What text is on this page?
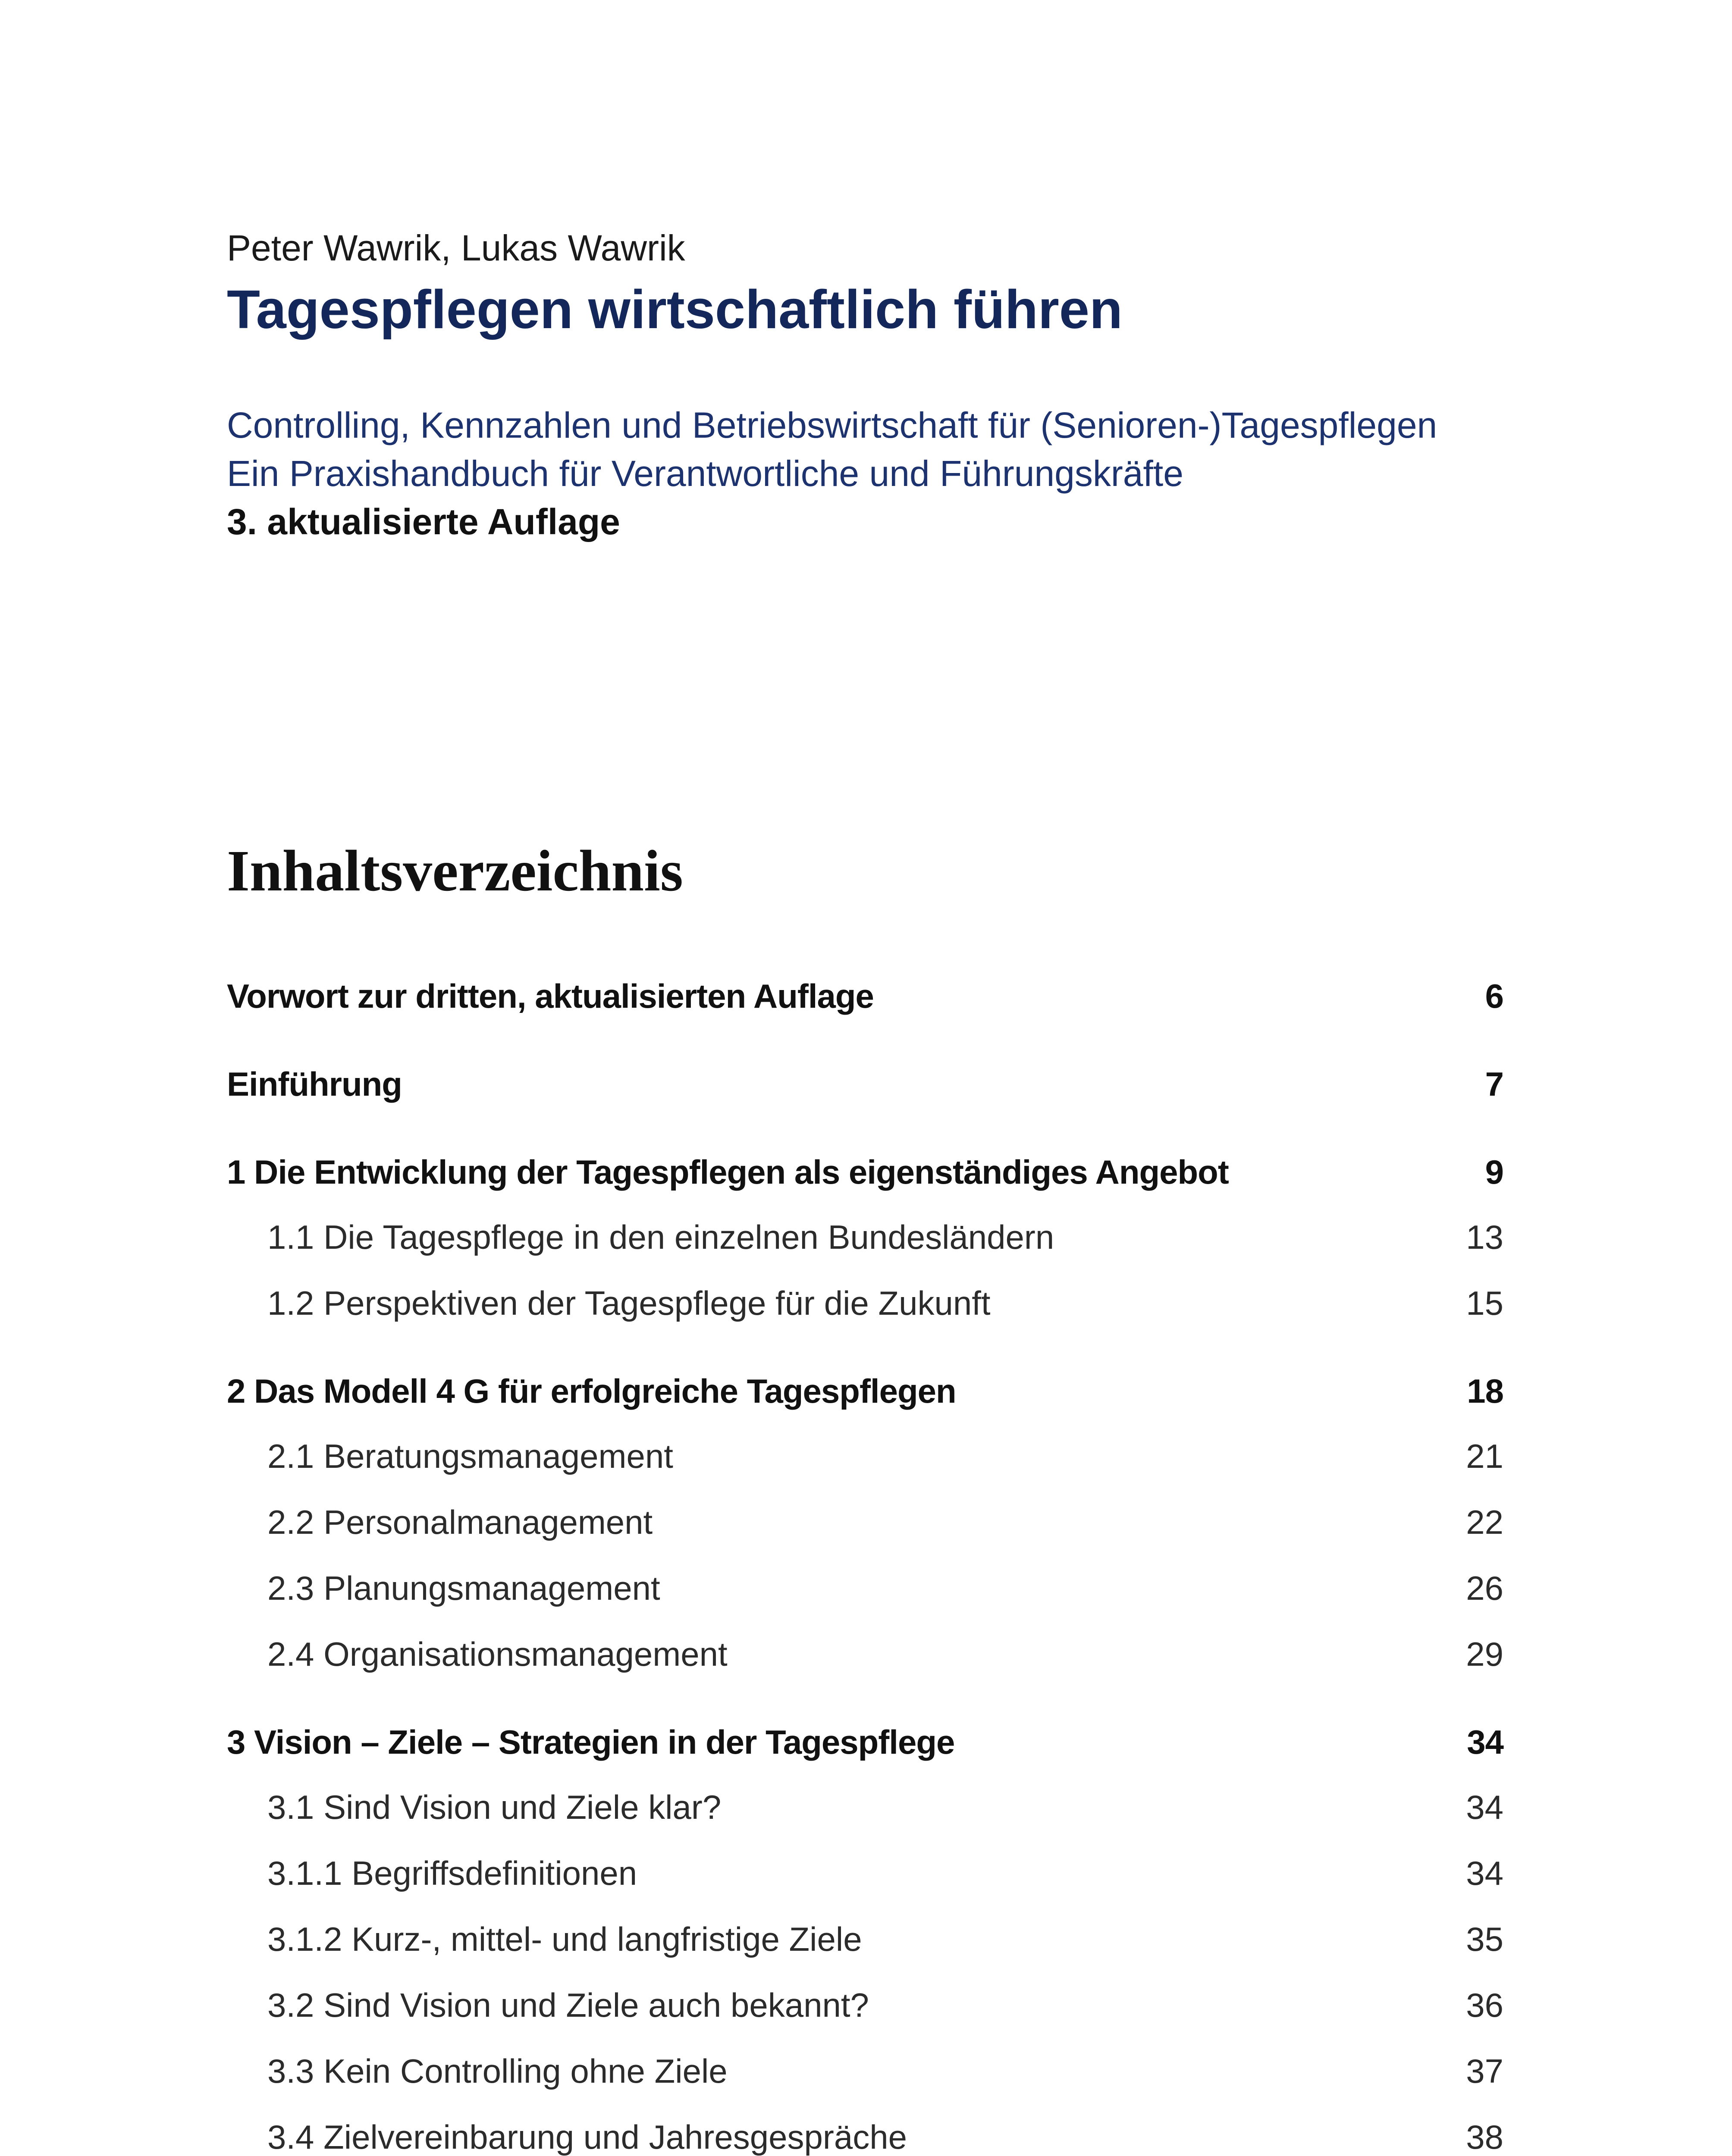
Peter Wawrik, Lukas Wawrik

Tagespflegen wirtschaftlich führen

Controlling, Kennzahlen und Betriebswirtschaft für (Senioren-)Tagespflegen

Ein Praxishandbuch für Verantwortliche und Führungskräfte

3. aktualisierte Auflage

Inhaltsverzeichnis
Vorwort zur dritten, aktualisierten Auflage	6
Einführung	7
1 Die Entwicklung der Tagespflegen als eigenständiges Angebot	9
1.1 Die Tagespflege in den einzelnen Bundesländern	13
1.2 Perspektiven der Tagespflege für die Zukunft	15
2 Das Modell 4 G für erfolgreiche Tagespflegen	18
2.1 Beratungsmanagement	21
2.2 Personalmanagement	22
2.3 Planungsmanagement	26
2.4 Organisationsmanagement	29
3 Vision – Ziele – Strategien in der Tagespflege	34
3.1 Sind Vision und Ziele klar?	34
3.1.1 Begriffsdefinitionen	34
3.1.2 Kurz-, mittel- und langfristige Ziele	35
3.2 Sind Vision und Ziele auch bekannt?	36
3.3 Kein Controlling ohne Ziele	37
3.4 Zielvereinbarung und Jahresgespräche	38
